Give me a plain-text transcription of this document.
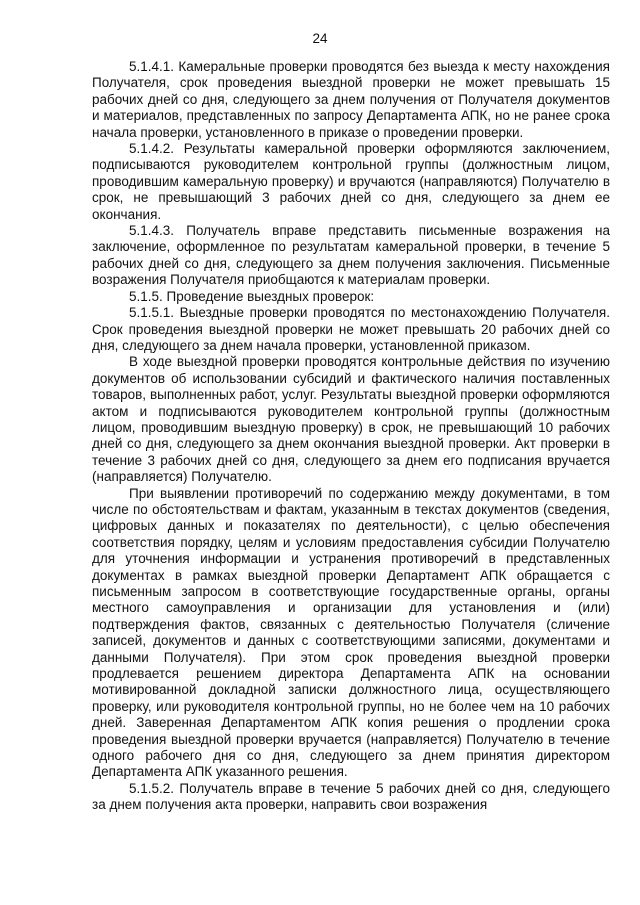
24

5.1.4.1. Камеральные проверки проводятся без выезда к месту нахождения Получателя, срок проведения выездной проверки не может превышать 15 рабочих дней со дня, следующего за днем получения от Получателя документов и материалов, представленных по запросу Департамента АПК, но не ранее срока начала проверки, установленного в приказе о проведении проверки.

5.1.4.2. Результаты камеральной проверки оформляются заключением, подписываются руководителем контрольной группы (должностным лицом, проводившим камеральную проверку) и вручаются (направляются) Получателю в срок, не превышающий 3 рабочих дней со дня, следующего за днем ее окончания.

5.1.4.3. Получатель вправе представить письменные возражения на заключение, оформленное по результатам камеральной проверки, в течение 5 рабочих дней со дня, следующего за днем получения заключения. Письменные возражения Получателя приобщаются к материалам проверки.

5.1.5. Проведение выездных проверок:

5.1.5.1. Выездные проверки проводятся по местонахождению Получателя. Срок проведения выездной проверки не может превышать 20 рабочих дней со дня, следующего за днем начала проверки, установленной приказом.

В ходе выездной проверки проводятся контрольные действия по изучению документов об использовании субсидий и фактического наличия поставленных товаров, выполненных работ, услуг. Результаты выездной проверки оформляются актом и подписываются руководителем контрольной группы (должностным лицом, проводившим выездную проверку) в срок, не превышающий 10 рабочих дней со дня, следующего за днем окончания выездной проверки. Акт проверки в течение 3 рабочих дней со дня, следующего за днем его подписания вручается (направляется) Получателю.

При выявлении противоречий по содержанию между документами, в том числе по обстоятельствам и фактам, указанным в текстах документов (сведения, цифровых данных и показателях по деятельности), с целью обеспечения соответствия порядку, целям и условиям предоставления субсидии Получателю для уточнения информации и устранения противоречий в представленных документах в рамках выездной проверки Департамент АПК обращается с письменным запросом в соответствующие государственные органы, органы местного самоуправления и организации для установления и (или) подтверждения фактов, связанных с деятельностью Получателя (сличение записей, документов и данных с соответствующими записями, документами и данными Получателя). При этом срок проведения выездной проверки продлевается решением директора Департамента АПК на основании мотивированной докладной записки должностного лица, осуществляющего проверку, или руководителя контрольной группы, но не более чем на 10 рабочих дней. Заверенная Департаментом АПК копия решения о продлении срока проведения выездной проверки вручается (направляется) Получателю в течение одного рабочего дня со дня, следующего за днем принятия директором Департамента АПК указанного решения.

5.1.5.2. Получатель вправе в течение 5 рабочих дней со дня, следующего за днем получения акта проверки, направить свои возражения
